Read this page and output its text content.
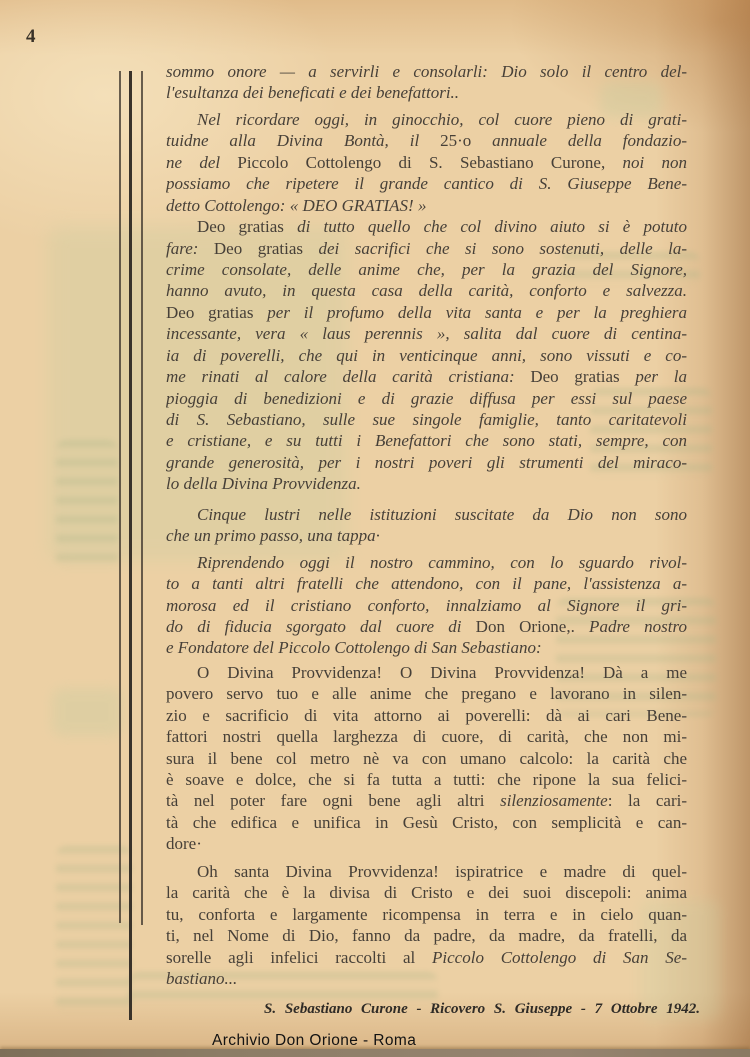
4
sommo onore — a servirli e consolarli: Dio solo il centro del-
l'esultanza dei beneficati e dei benefattori..
Nel ricordare oggi, in ginocchio, col cuore pieno di grati-
tuidne alla Divina Bontà, il 25·o annuale della fondazio-
ne del Piccolo Cottolengo di S. Sebastiano Curone, noi non
possiamo che ripetere il grande cantico di S. Giuseppe Bene-
detto Cottolengo: « DEO GRATIAS! »
Deo gratias di tutto quello che col divino aiuto si è potuto
fare: Deo gratias dei sacrifici che si sono sostenuti, delle la-
crime consolate, delle anime che, per la grazia del Signore,
hanno avuto, in questa casa della carità, conforto e salvezza.
Deo gratias per il profumo della vita santa e per la preghiera
incessante, vera « laus perennis », salita dal cuore di centina-
ia di poverelli, che qui in venticinque anni, sono vissuti e co-
me rinati al calore della carità cristiana: Deo gratias per la
pioggia di benedizioni e di grazie diffusa per essi sul paese
di S. Sebastiano, sulle sue singole famiglie, tanto caritatevoli
e cristiane, e su tutti i Benefattori che sono stati, sempre, con
grande generosità, per i nostri poveri gli strumenti del miraco-
lo della Divina Provvidenza.
Cinque lustri nelle istituzioni suscitate da Dio non sono
che un primo passo, una tappa·
Riprendendo oggi il nostro cammino, con lo sguardo rivol-
to a tanti altri fratelli che attendono, con il pane, l'assistenza a-
morosa ed il cristiano conforto, innalziamo al Signore il gri-
do di fiducia sgorgato dal cuore di Don Orione,. Padre nostro
e Fondatore del Piccolo Cottolengo di San Sebastiano:
O Divina Provvidenza! O Divina Provvidenza! Dà a me
povero servo tuo e alle anime che pregano e lavorano in silen-
zio e sacrificio di vita attorno ai poverelli: dà ai cari Bene-
fattori nostri quella larghezza di cuore, di carità, che non mi-
sura il bene col metro nè va con umano calcolo: la carità che
è soave e dolce, che si fa tutta a tutti: che ripone la sua felici-
tà nel poter fare ogni bene agli altri silenziosamente: la cari-
tà che edifica e unifica in Gesù Cristo, con semplicità e can-
dore·
Oh santa Divina Provvidenza! ispiratrice e madre di quel-
la carità che è la divisa di Cristo e dei suoi discepoli: anima
tu, conforta e largamente ricompensa in terra e in cielo quan-
ti, nel Nome di Dio, fanno da padre, da madre, da fratelli, da
sorelle agli infelici raccolti al Piccolo Cottolengo di San Se-
bastiano...
S. Sebastiano Curone - Ricovero S. Giuseppe - 7 Ottobre 1942.
Archivio Don Orione - Roma
